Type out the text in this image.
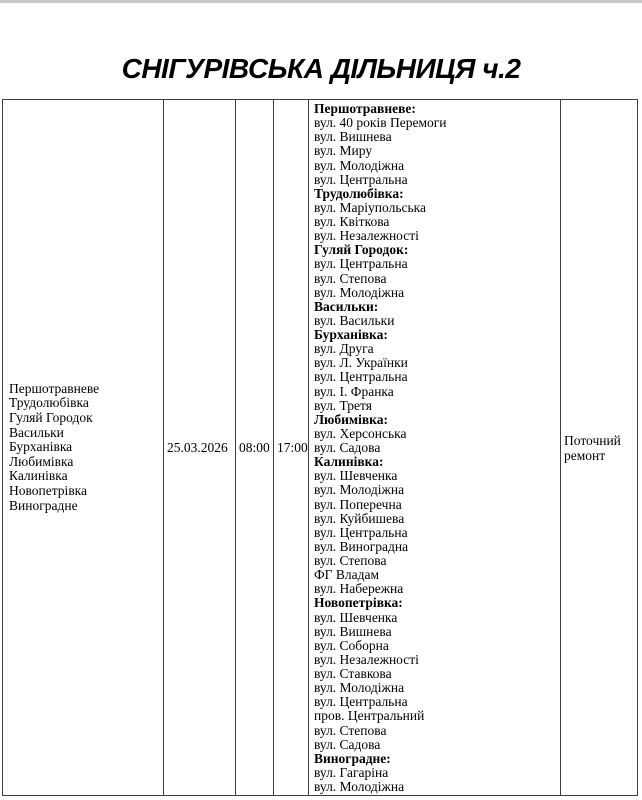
СНІГУРІВСЬКА ДІЛЬНИЦЯ ч.2
Першотравневе
Трудолюбівка
Гуляй Городок
Васильки
Бурханівка
Любимівка
Калинівка
Новопетрівка
Виноградне
25.03.2026 08:00 17:00
Першотравневе:
вул. 40 років Перемоги
вул. Вишнева
вул. Миру
вул. Молодіжна
вул. Центральна
Трудолюбівка:
вул. Маріупольська
вул. Квіткова
вул. Незалежності
Гуляй Городок:
вул. Центральна
вул. Степова
вул. Молодіжна
Васильки:
вул. Васильки
Бурханівка:
вул. Друга
вул. Л. Українки
вул. Центральна
вул. І. Франка
вул. Третя
Любимівка:
вул. Херсонська
вул. Садова
Калинівка:
вул. Шевченка
вул. Молодіжна
вул. Поперечна
вул. Куйбишева
вул. Центральна
вул. Виноградна
вул. Степова
ФГ Владам
вул. Набережна
Новопетрівка:
вул. Шевченка
вул. Вишнева
вул. Соборна
вул. Незалежності
вул. Ставкова
вул. Молодіжна
вул. Центральна
пров. Центральний
вул. Степова
вул. Садова
Виноградне:
вул. Гагаріна
вул. Молодіжна
Поточний ремонт
